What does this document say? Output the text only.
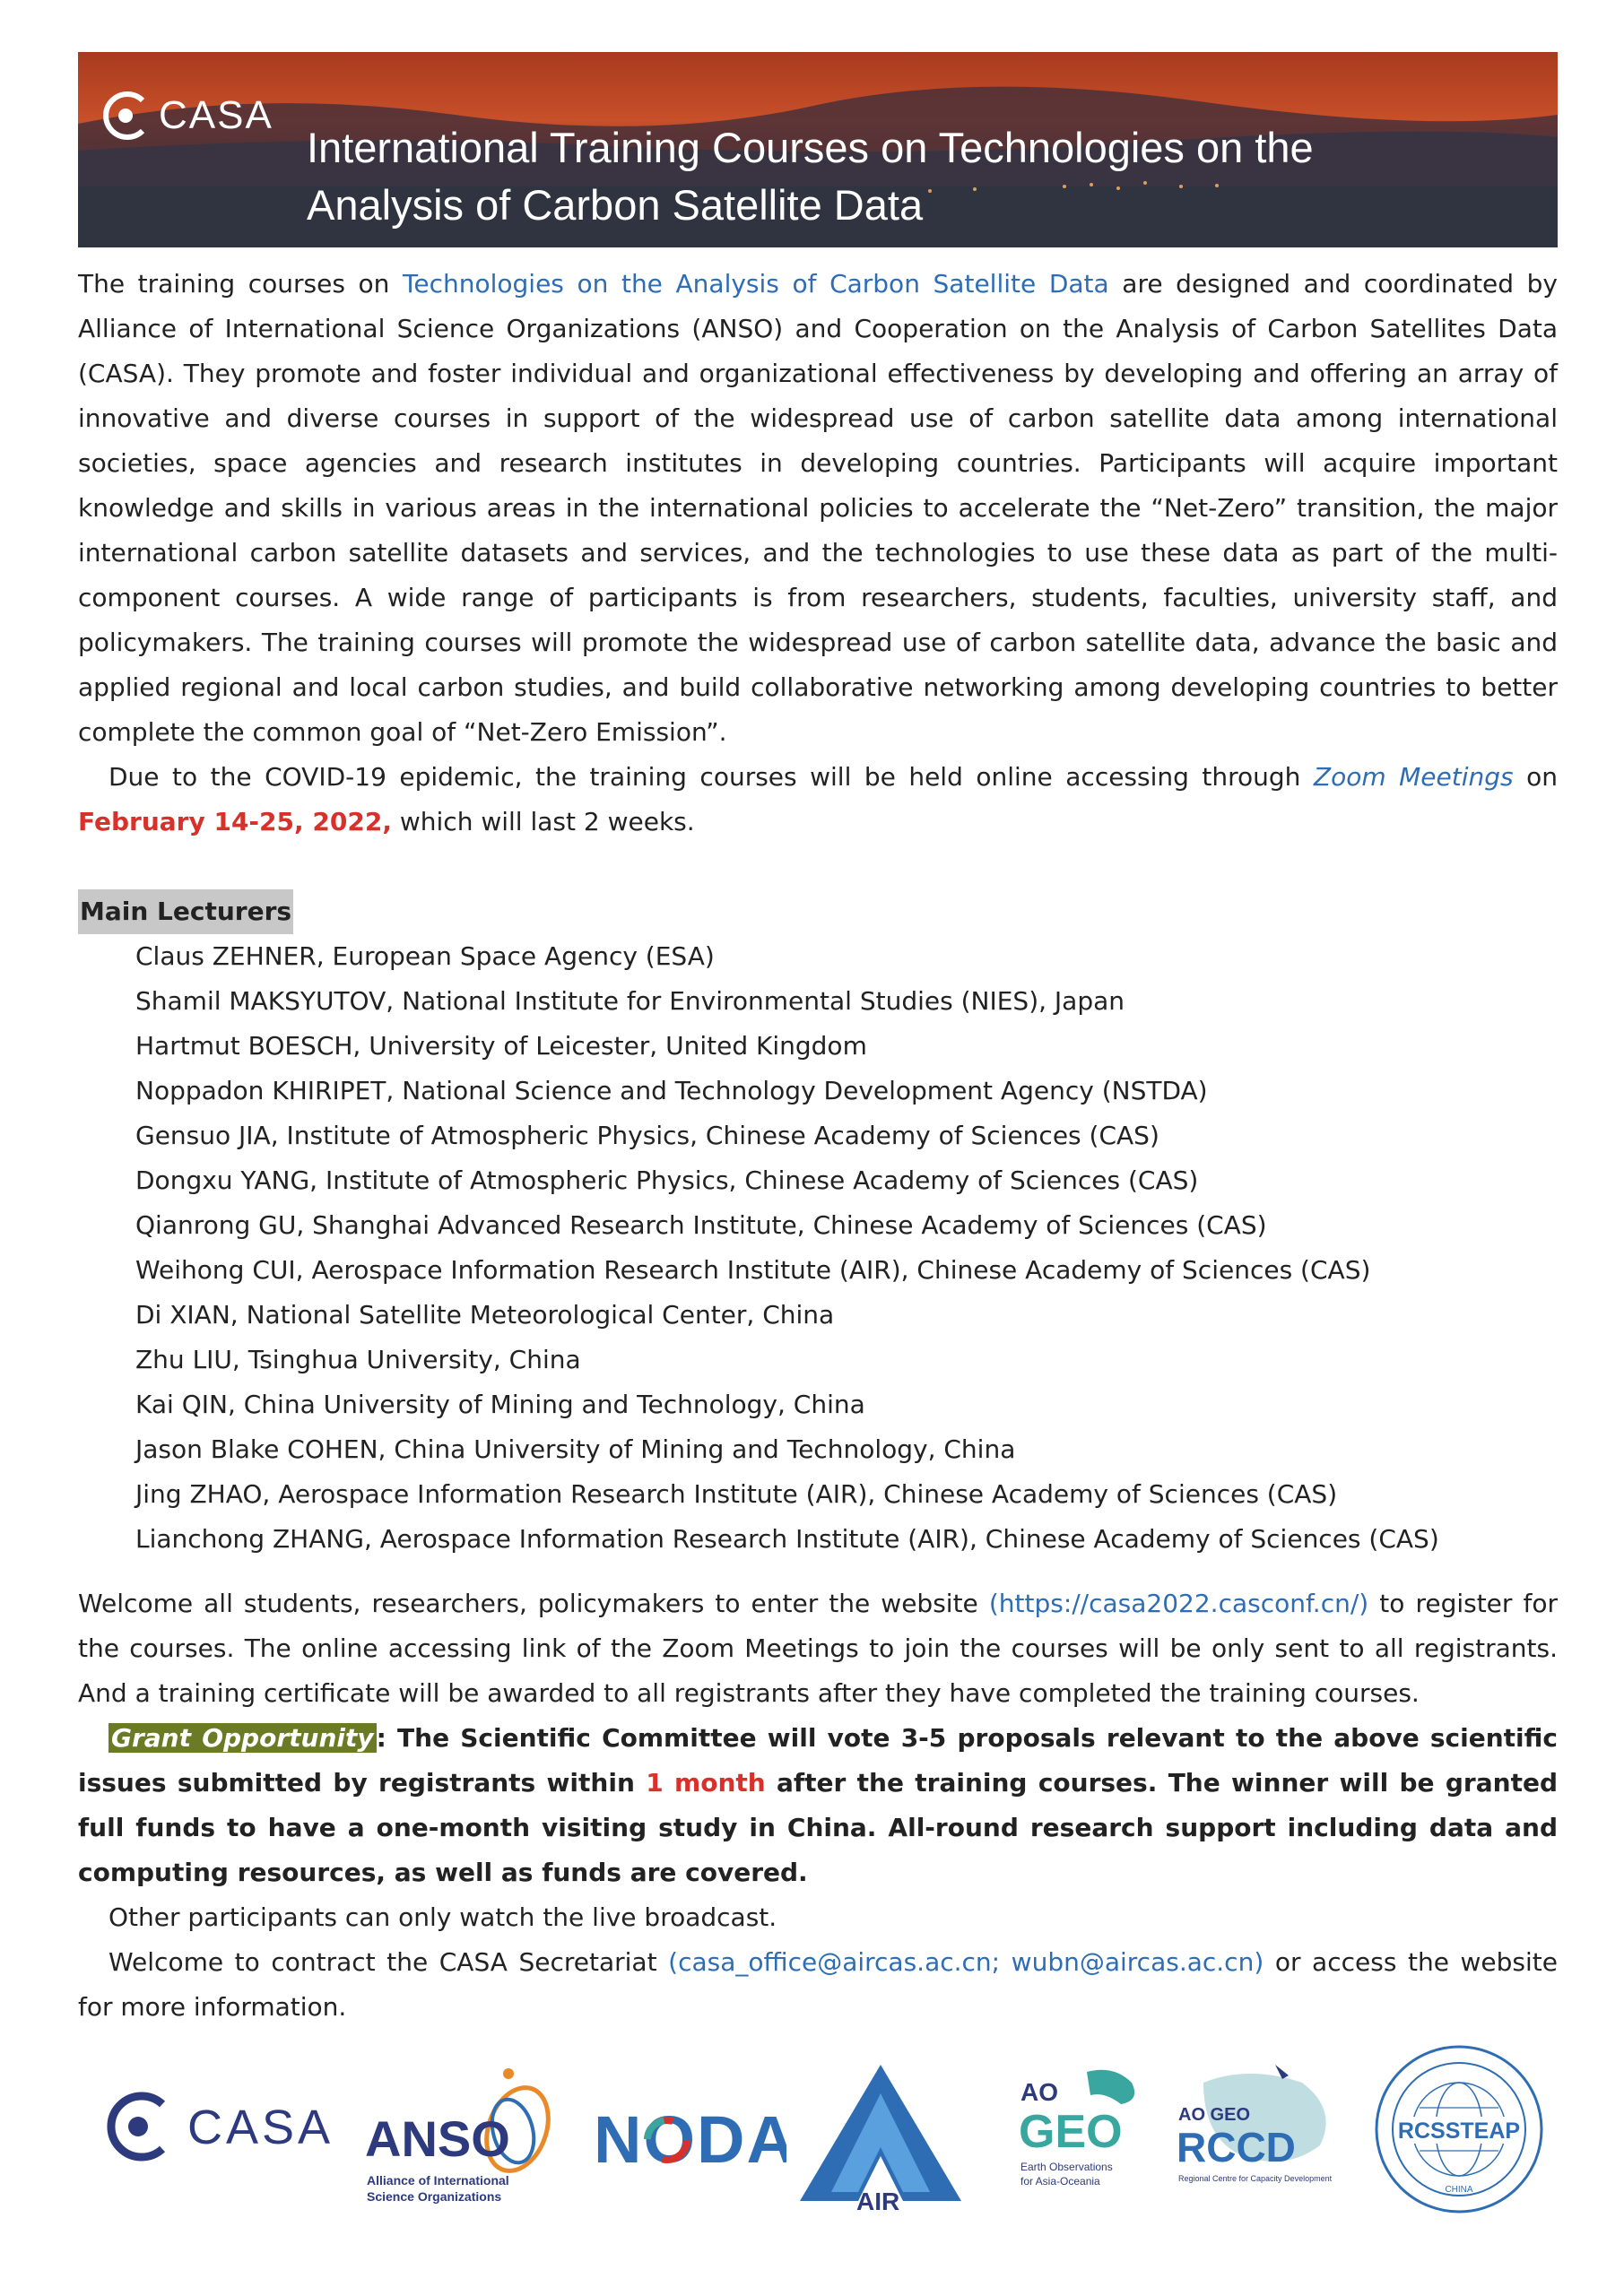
CASA
International Training Courses on Technologies on the
Analysis of Carbon Satellite Data

The training courses on Technologies on the Analysis of Carbon Satellite Data are designed and coordinated by Alliance of International Science Organizations (ANSO) and Cooperation on the Analysis of Carbon Satellites Data (CASA). They promote and foster individual and organizational effectiveness by developing and offering an array of innovative and diverse courses in support of the widespread use of carbon satellite data among international societies, space agencies and research institutes in developing countries. Participants will acquire important knowledge and skills in various areas in the international policies to accelerate the “Net-Zero” transition, the major international carbon satellite datasets and services, and the technologies to use these data as part of the multi-component courses. A wide range of participants is from researchers, students, faculties, university staff, and policymakers. The training courses will promote the widespread use of carbon satellite data, advance the basic and applied regional and local carbon studies, and build collaborative networking among developing countries to better complete the common goal of “Net-Zero Emission”.

Due to the COVID-19 epidemic, the training courses will be held online accessing through Zoom Meetings on February 14-25, 2022, which will last 2 weeks.

Main Lecturers
Claus ZEHNER, European Space Agency (ESA)
Shamil MAKSYUTOV, National Institute for Environmental Studies (NIES), Japan
Hartmut BOESCH, University of Leicester, United Kingdom
Noppadon KHIRIPET, National Science and Technology Development Agency (NSTDA)
Gensuo JIA, Institute of Atmospheric Physics, Chinese Academy of Sciences (CAS)
Dongxu YANG, Institute of Atmospheric Physics, Chinese Academy of Sciences (CAS)
Qianrong GU, Shanghai Advanced Research Institute, Chinese Academy of Sciences (CAS)
Weihong CUI, Aerospace Information Research Institute (AIR), Chinese Academy of Sciences (CAS)
Di XIAN, National Satellite Meteorological Center, China
Zhu LIU, Tsinghua University, China
Kai QIN, China University of Mining and Technology, China
Jason Blake COHEN, China University of Mining and Technology, China
Jing ZHAO, Aerospace Information Research Institute (AIR), Chinese Academy of Sciences (CAS)
Lianchong ZHANG, Aerospace Information Research Institute (AIR), Chinese Academy of Sciences (CAS)

Welcome all students, researchers, policymakers to enter the website (https://casa2022.casconf.cn/) to register for the courses. The online accessing link of the Zoom Meetings to join the courses will be only sent to all registrants. And a training certificate will be awarded to all registrants after they have completed the training courses.

Grant Opportunity : The Scientific Committee will vote 3-5 proposals relevant to the above scientific issues submitted by registrants within 1 month after the training courses. The winner will be granted full funds to have a one-month visiting study in China. All-round research support including data and computing resources, as well as funds are covered.

Other participants can only watch the live broadcast.

Welcome to contract the CASA Secretariat (casa_office@aircas.ac.cn; wubn@aircas.ac.cn) or access the website for more information.

CASA ANSO
Alliance of International
Science Organizations
NODA
AIR
AO
GEO
Earth Observations
for Asia-Oceania
AO GEO
RCCD
Regional Centre for Capacity Development
RCSSTEAP
CHINA
